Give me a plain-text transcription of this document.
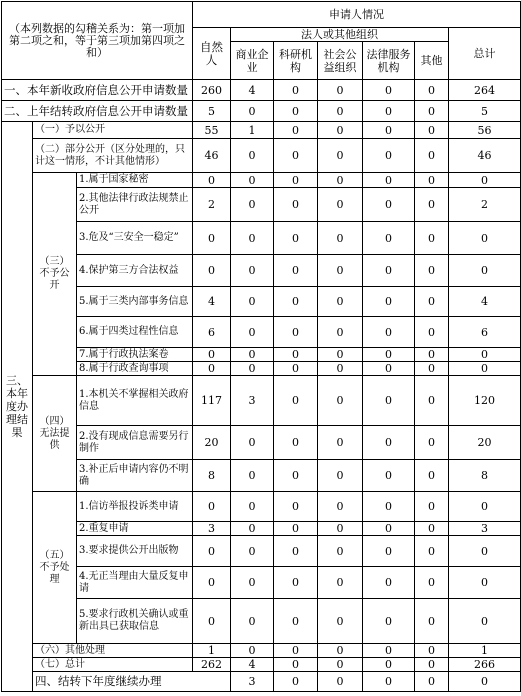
（本列数据的勾稽关系为：第一项加第二项之和，等于第三项加第四项之和）			申请人情况							
			自然人	法人或其他组织					总计	
				商业企业	科研机构	社会公益组织	法律服务机构	其他		
一、本年新收政府信息公开申请数量			260	4	0	0	0	0	264	
二、上年结转政府信息公开申请数量			5	0	0	0	0	0	5	
三、本年度办理结果	（一）予以公开		55	1	0	0	0	0	56	
	（二）部分公开（区分处理的，只计这一情形，不计其他情形）		46	0	0	0	0	0	46	
	（三）不予公开	1.属于国家秘密	0	0	0	0	0	0	0	
		2.其他法律行政法规禁止公开	2	0	0	0	0	0	2	
		3.危及“三安全一稳定”	0	0	0	0	0	0	0	
		4.保护第三方合法权益	0	0	0	0	0	0	0	
		5.属于三类内部事务信息	4	0	0	0	0	0	4	
		6.属于四类过程性信息	6	0	0	0	0	0	6	
		7.属于行政执法案卷	0	0	0	0	0	0	0	
		8.属于行政查询事项	0	0	0	0	0	0	0	
	（四）无法提供	1.本机关不掌握相关政府信息	117	3	0	0	0	0	120	
		2.没有现成信息需要另行制作	20	0	0	0	0	0	20	
		3.补正后申请内容仍不明确	8	0	0	0	0	0	8	
	（五）不予处理	1.信访举报投诉类申请	0	0	0	0	0	0	0	
		2.重复申请	3	0	0	0	0	0	3	
		3.要求提供公开出版物	0	0	0	0	0	0	0	
		4.无正当理由大量反复申请	0	0	0	0	0	0	0	
		5.要求行政机关确认或重新出具已获取信息	0	0	0	0	0	0	0	
	（六）其他处理		1	0	0	0	0	0	1	
	（七）总计		262	4	0	0	0	0	266	
	四、结转下年度继续办理			3	0	0	0	0	0	
